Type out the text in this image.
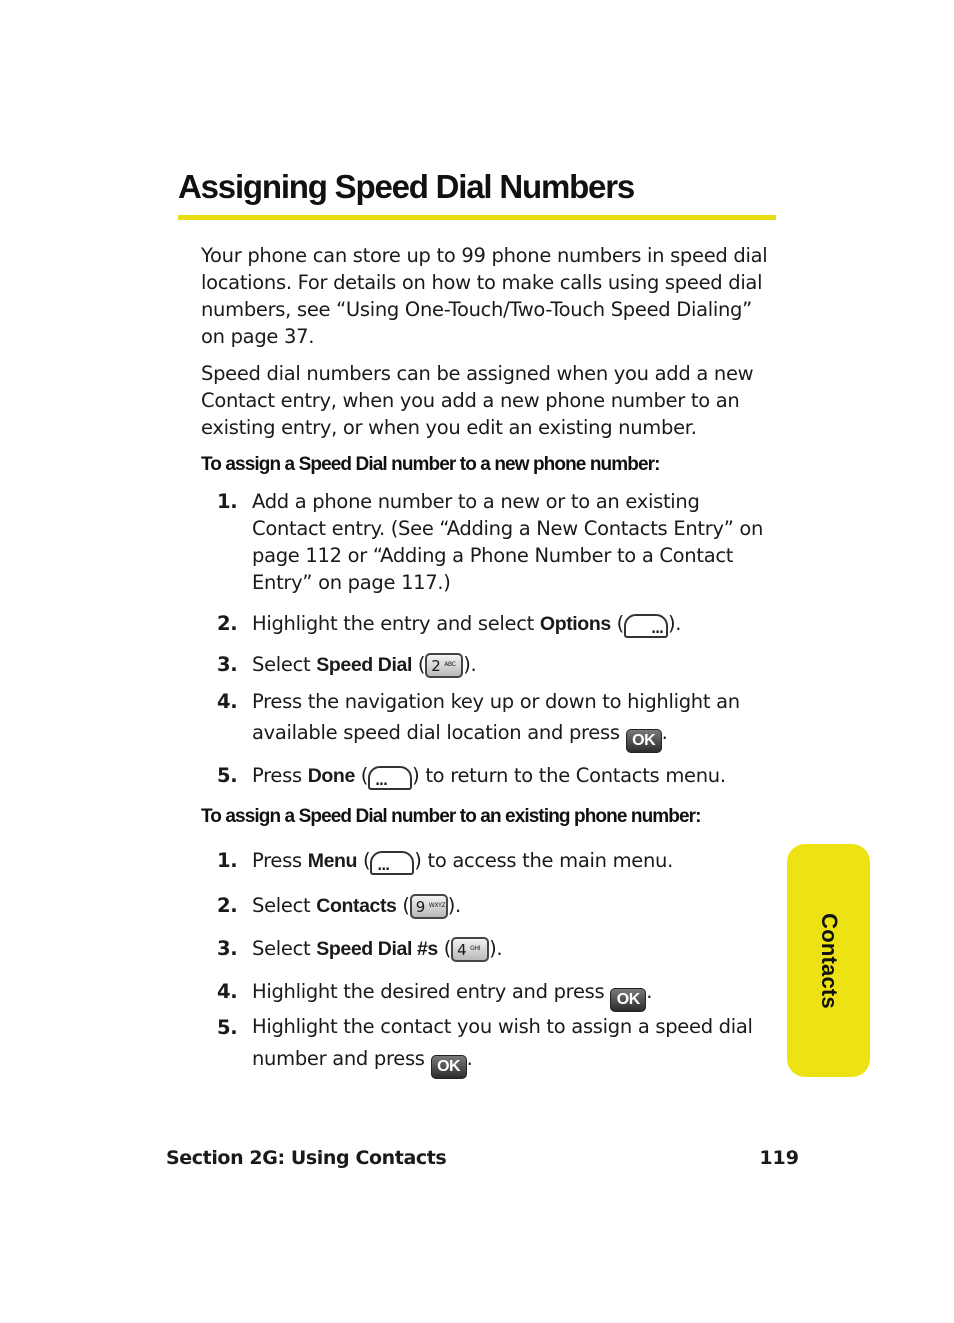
Assigning Speed Dial Numbers

Your phone can store up to 99 phone numbers in speed dial locations. For details on how to make calls using speed dial numbers, see “Using One-Touch/Two-Touch Speed Dialing” on page 37.

Speed dial numbers can be assigned when you add a new Contact entry, when you add a new phone number to an existing entry, or when you edit an existing number.

To assign a Speed Dial number to a new phone number:

1. Add a phone number to a new or to an existing Contact entry. (See “Adding a New Contacts Entry” on page 112 or “Adding a Phone Number to a Contact Entry” on page 117.)
2. Highlight the entry and select Options ( ... ).
3. Select Speed Dial ( 2 ABC ).
4. Press the navigation key up or down to highlight an available speed dial location and press OK .
5. Press Done ( ... ) to return to the Contacts menu.

To assign a Speed Dial number to an existing phone number:

1. Press Menu ( ... ) to access the main menu.
2. Select Contacts ( 9 WXYZ ).
3. Select Speed Dial #s ( 4 GHI ).
4. Highlight the desired entry and press OK .
5. Highlight the contact you wish to assign a speed dial number and press OK .
Contacts
Section 2G: Using Contacts	119
